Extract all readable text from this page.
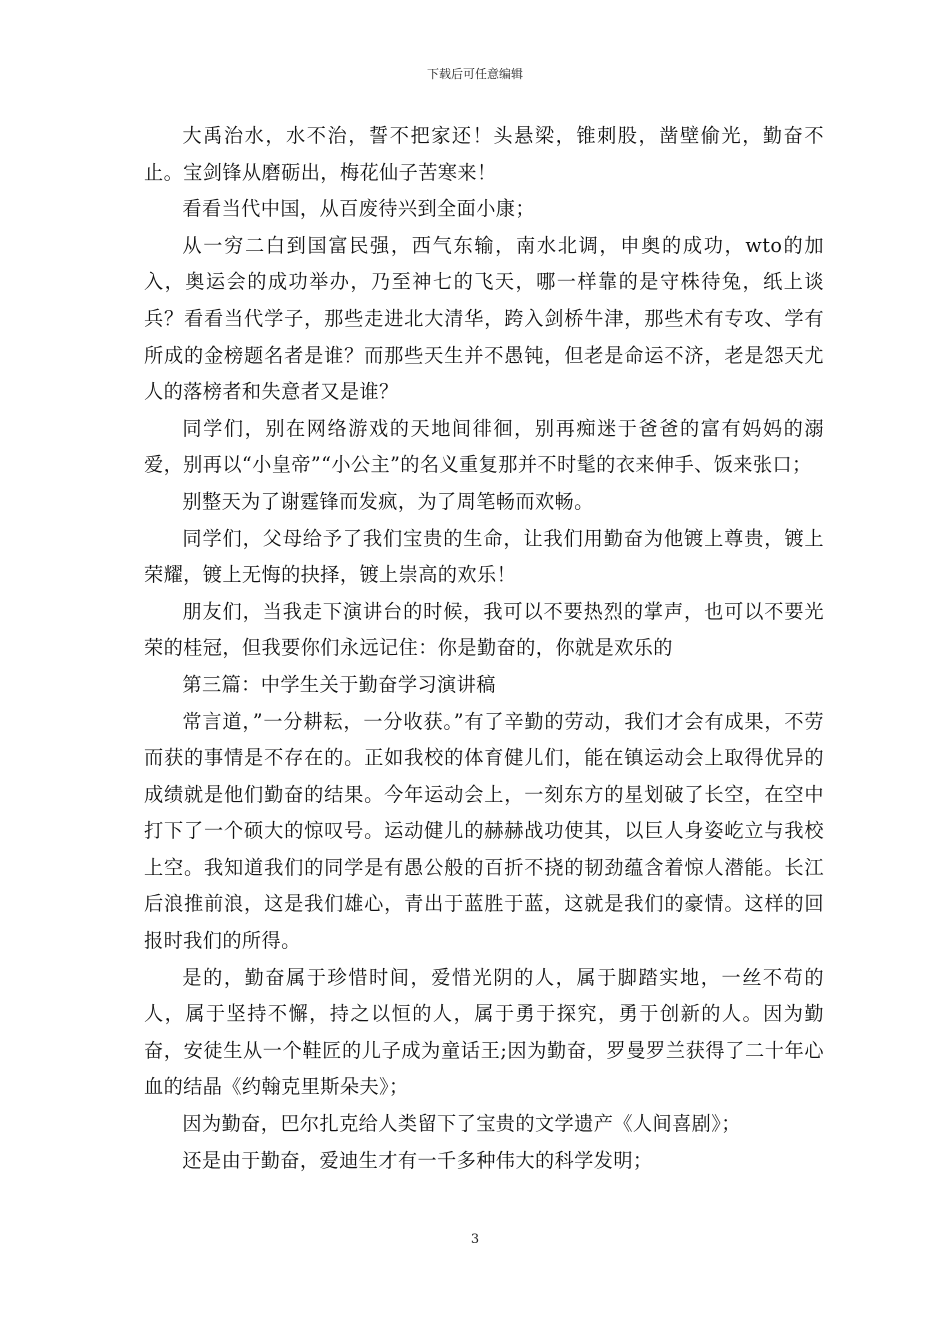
下载后可任意编辑

大禹治水，水不治，誓不把家还！头悬梁，锥刺股，凿壁偷光，勤奋不止。宝剑锋从磨砺出，梅花仙子苦寒来！

看看当代中国，从百废待兴到全面小康；

从一穷二白到国富民强，西气东输，南水北调，申奥的成功，wto的加入，奥运会的成功举办，乃至神七的飞天，哪一样靠的是守株待兔，纸上谈兵？看看当代学子，那些走进北大清华，跨入剑桥牛津，那些术有专攻、学有所成的金榜题名者是谁？而那些天生并不愚钝，但老是命运不济，老是怨天尤人的落榜者和失意者又是谁？

同学们，别在网络游戏的天地间徘徊，别再痴迷于爸爸的富有妈妈的溺爱，别再以“小皇帝”“小公主”的名义重复那并不时髦的衣来伸手、饭来张口；

别整天为了谢霆锋而发疯，为了周笔畅而欢畅。

同学们，父母给予了我们宝贵的生命，让我们用勤奋为他镀上尊贵，镀上荣耀，镀上无悔的抉择，镀上崇高的欢乐！

朋友们，当我走下演讲台的时候，我可以不要热烈的掌声，也可以不要光荣的桂冠，但我要你们永远记住：你是勤奋的，你就是欢乐的

第三篇：中学生关于勤奋学习演讲稿

常言道，”一分耕耘，一分收获。”有了辛勤的劳动，我们才会有成果，不劳而获的事情是不存在的。正如我校的体育健儿们，能在镇运动会上取得优异的成绩就是他们勤奋的结果。今年运动会上，一刻东方的星划破了长空，在空中打下了一个硕大的惊叹号。运动健儿的赫赫战功使其，以巨人身姿屹立与我校上空。我知道我们的同学是有愚公般的百折不挠的韧劲蕴含着惊人潜能。长江后浪推前浪，这是我们雄心，青出于蓝胜于蓝，这就是我们的豪情。这样的回报时我们的所得。

是的，勤奋属于珍惜时间，爱惜光阴的人，属于脚踏实地，一丝不苟的人，属于坚持不懈，持之以恒的人，属于勇于探究，勇于创新的人。因为勤奋，安徒生从一个鞋匠的儿子成为童话王;因为勤奋，罗曼罗兰获得了二十年心血的结晶《约翰克里斯朵夫》；

因为勤奋，巴尔扎克给人类留下了宝贵的文学遗产《人间喜剧》；

还是由于勤奋，爱迪生才有一千多种伟大的科学发明；

3
